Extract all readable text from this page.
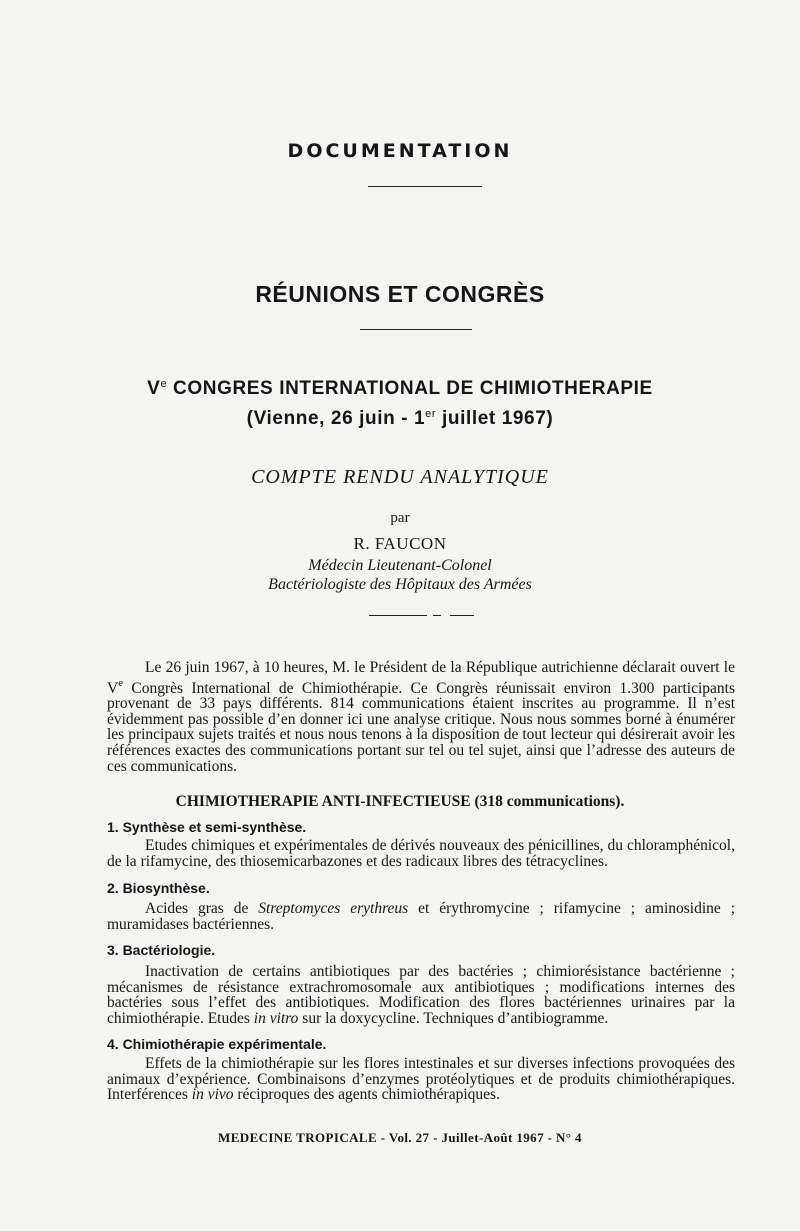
DOCUMENTATION
RÉUNIONS ET CONGRÈS
Ve CONGRES INTERNATIONAL DE CHIMIOTHERAPIE
(Vienne, 26 juin - 1er juillet 1967)
COMPTE RENDU ANALYTIQUE
par
R. FAUCON
Médecin Lieutenant-Colonel
Bactériologiste des Hôpitaux des Armées
Le 26 juin 1967, à 10 heures, M. le Président de la République autrichienne déclarait ouvert le Ve Congrès International de Chimiothérapie. Ce Congrès réunissait environ 1.300 participants provenant de 33 pays différents. 814 communications étaient inscrites au programme. Il n’est évidemment pas possible d’en donner ici une analyse critique. Nous nous sommes borné à énumérer les principaux sujets traités et nous nous tenons à la disposition de tout lecteur qui désirerait avoir les références exactes des communications portant sur tel ou tel sujet, ainsi que l’adresse des auteurs de ces communications.
CHIMIOTHERAPIE ANTI-INFECTIEUSE (318 communications).
1. Synthèse et semi-synthèse.
Etudes chimiques et expérimentales de dérivés nouveaux des pénicillines, du chloramphénicol, de la rifamycine, des thiosemicarbazones et des radicaux libres des tétracyclines.
2. Biosynthèse.
Acides gras de Streptomyces erythreus et érythromycine ; rifamycine ; aminosidine ; muramidases bactériennes.
3. Bactériologie.
Inactivation de certains antibiotiques par des bactéries ; chimiorésistance bactérienne ; mécanismes de résistance extrachromosomale aux antibiotiques ; modifications internes des bactéries sous l’effet des antibiotiques. Modification des flores bactériennes urinaires par la chimiothérapie. Etudes in vitro sur la doxycycline. Techniques d’antibiogramme.
4. Chimiothérapie expérimentale.
Effets de la chimiothérapie sur les flores intestinales et sur diverses infections provoquées des animaux d’expérience. Combinaisons d’enzymes protéolytiques et de produits chimiothérapiques. Interférences in vivo réciproques des agents chimiothérapiques.
MEDECINE TROPICALE - Vol. 27 - Juillet-Août 1967 - N° 4
